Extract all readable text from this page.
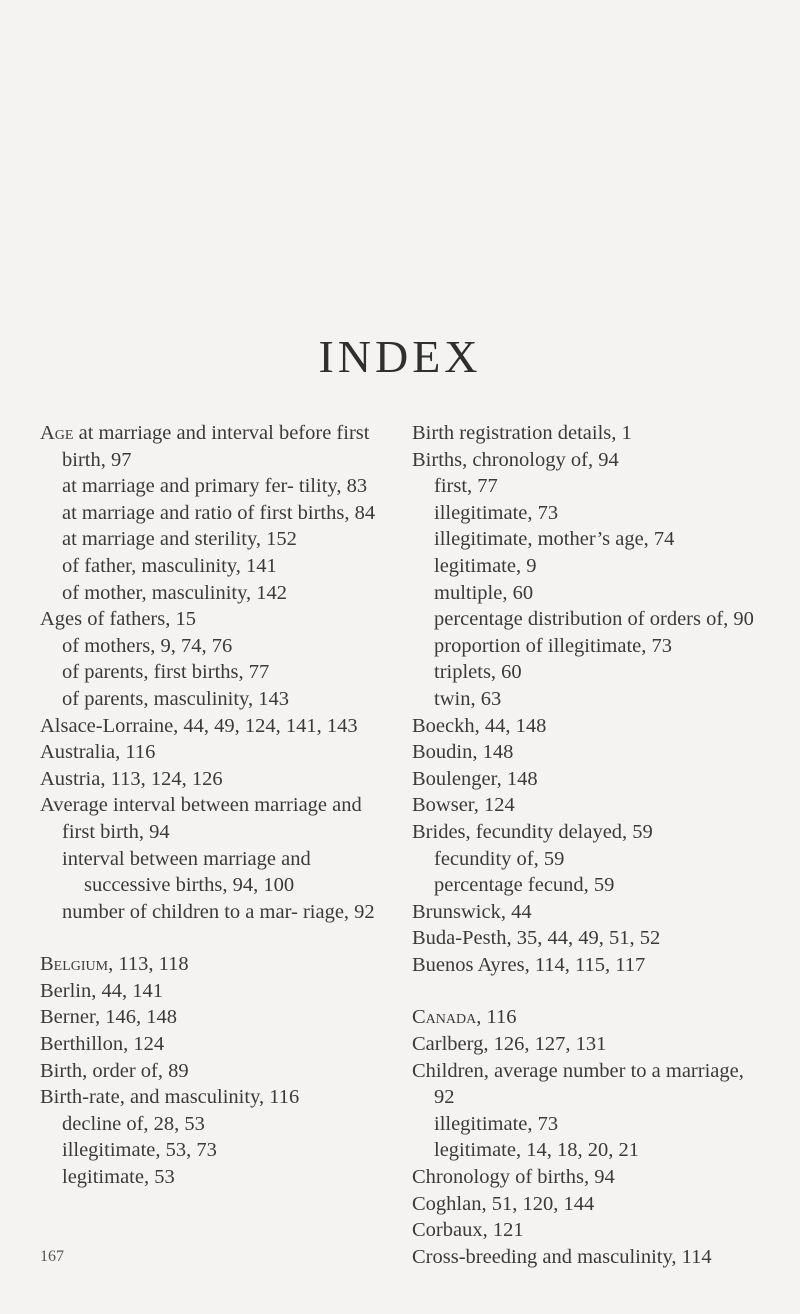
INDEX
Age at marriage and interval before first birth, 97
at marriage and primary fer- tility, 83
at marriage and ratio of first births, 84
at marriage and sterility, 152
of father, masculinity, 141
of mother, masculinity, 142
Ages of fathers, 15
of mothers, 9, 74, 76
of parents, first births, 77
of parents, masculinity, 143
Alsace-Lorraine, 44, 49, 124, 141, 143
Australia, 116
Austria, 113, 124, 126
Average interval between marriage and first birth, 94
interval between marriage and successive births, 94, 100
number of children to a mar- riage, 92
Belgium, 113, 118
Berlin, 44, 141
Berner, 146, 148
Berthillon, 124
Birth, order of, 89
Birth-rate, and masculinity, 116
decline of, 28, 53
illegitimate, 53, 73
legitimate, 53
Birth registration details, 1
Births, chronology of, 94
first, 77
illegitimate, 73
illegitimate, mother’s age, 74
legitimate, 9
multiple, 60
percentage distribution of orders of, 90
proportion of illegitimate, 73
triplets, 60
twin, 63
Boeckh, 44, 148
Boudin, 148
Boulenger, 148
Bowser, 124
Brides, fecundity delayed, 59
fecundity of, 59
percentage fecund, 59
Brunswick, 44
Buda-Pesth, 35, 44, 49, 51, 52
Buenos Ayres, 114, 115, 117
Canada, 116
Carlberg, 126, 127, 131
Children, average number to a marriage, 92
illegitimate, 73
legitimate, 14, 18, 20, 21
Chronology of births, 94
Coghlan, 51, 120, 144
Corbaux, 121
Cross-breeding and masculinity, 114
167
